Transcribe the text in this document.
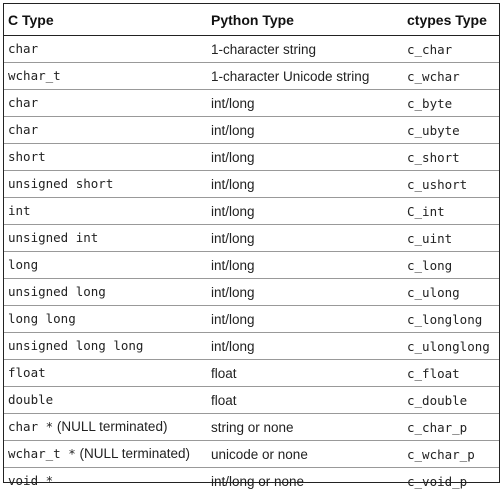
C Type	Python Type	ctypes Type
char	1-character string	c_char
wchar_t	1-character Unicode string	c_wchar
char	int/long	c_byte
char	int/long	c_ubyte
short	int/long	c_short
unsigned short	int/long	c_ushort
int	int/long	C_int
unsigned int	int/long	c_uint
long	int/long	c_long
unsigned long	int/long	c_ulong
long long	int/long	c_longlong
unsigned long long	int/long	c_ulonglong
float	float	c_float
double	float	c_double
char * (NULL terminated)	string or none	c_char_p
wchar_t * (NULL terminated)	unicode or none	c_wchar_p
void *	int/long or none	c_void_p
